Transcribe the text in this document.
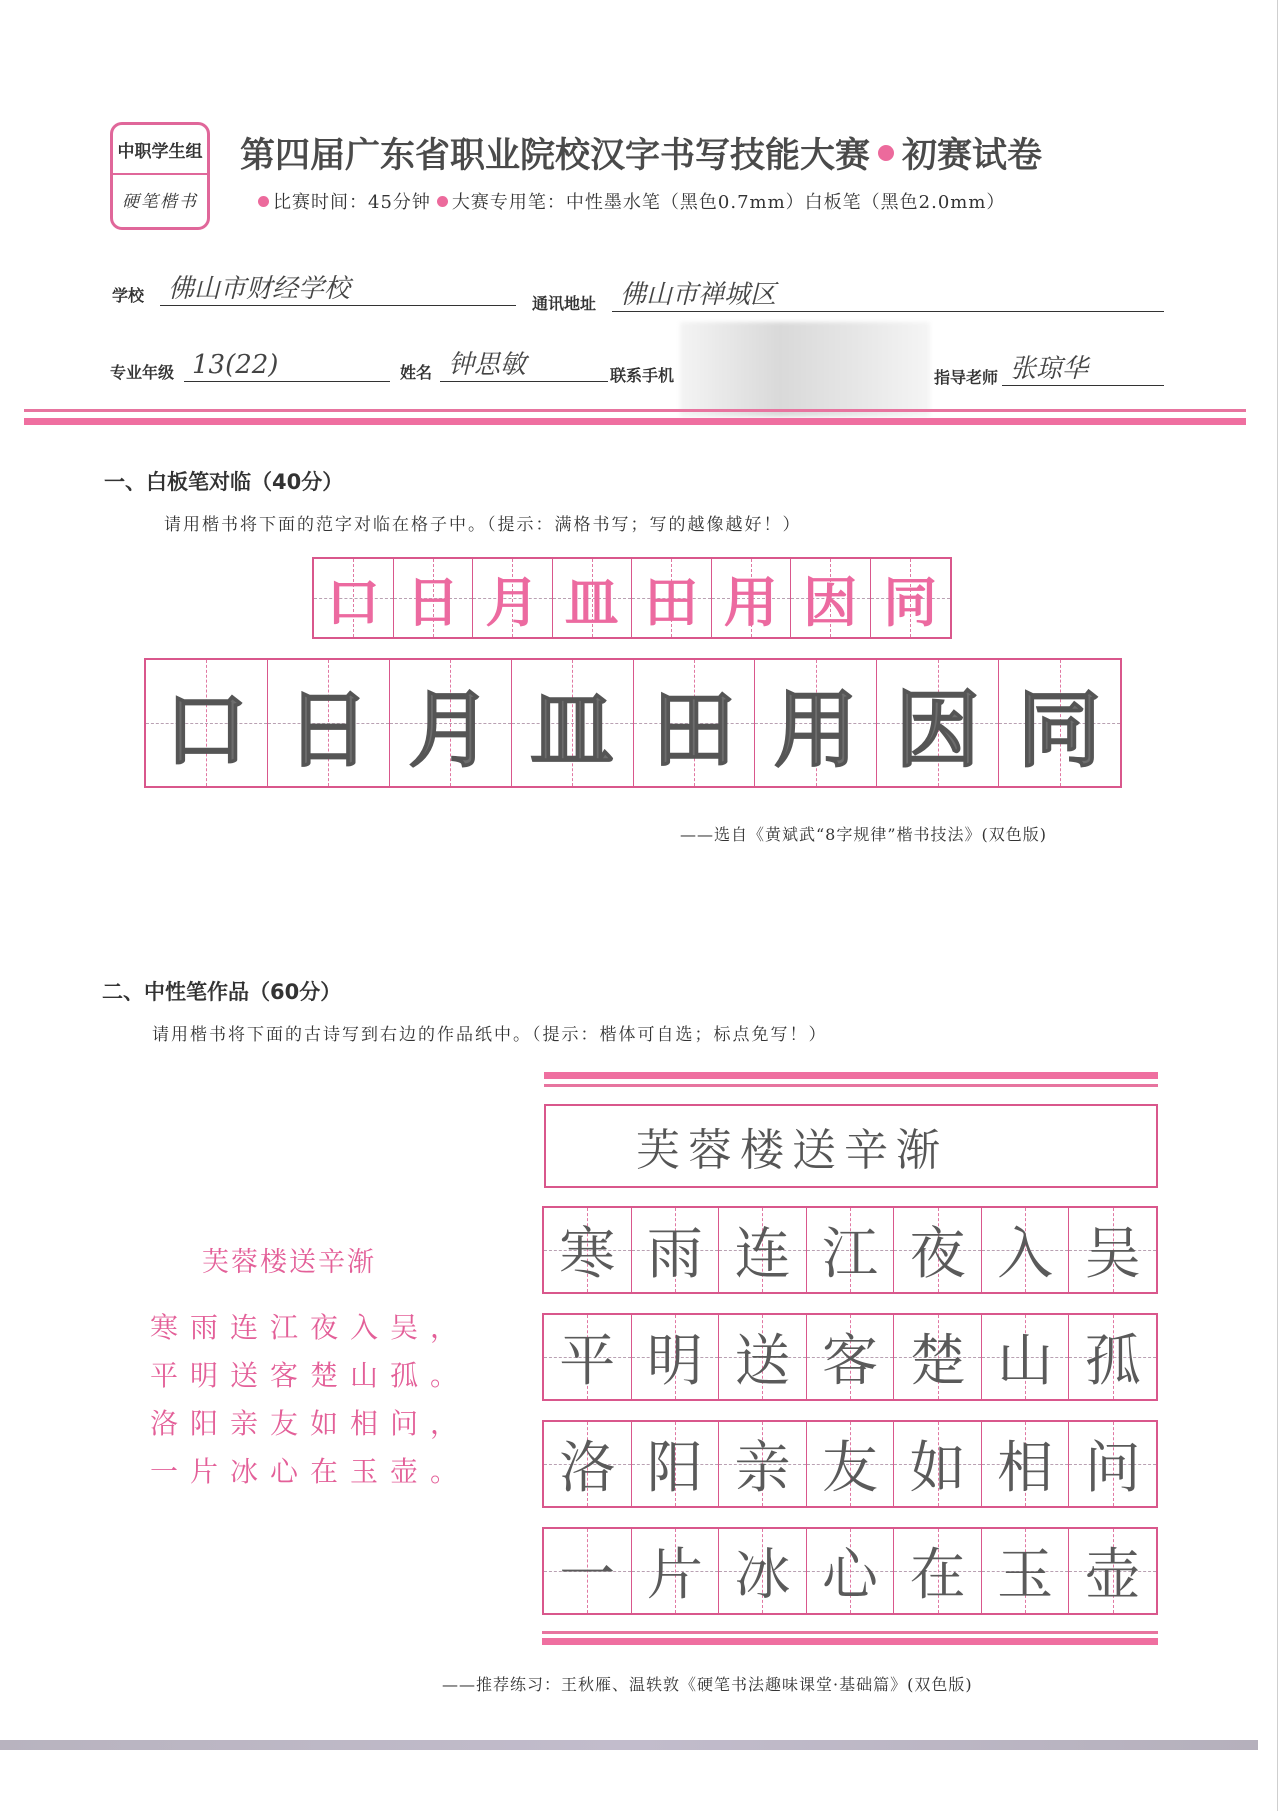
中职学生组
硬笔楷书
第四届广东省职业院校汉字书写技能大赛 初赛试卷
比赛时间：45分钟 大赛专用笔：中性墨水笔（黑色0.7mm）白板笔（黑色2.0mm）
学校 佛山市财经学校	通讯地址 佛山市禅城区
专业年级 13(22)	姓名 钟思敏	联系手机	指导老师 张琼华
一、白板笔对临（40分）
请用楷书将下面的范字对临在格子中。（提示：满格书写；写的越像越好！）
口 日 月 皿 田 用 因 同
口 日 月 皿 田 用 因 同
——选自《黄斌武“8字规律”楷书技法》(双色版)
二、中性笔作品（60分）
请用楷书将下面的古诗写到右边的作品纸中。（提示：楷体可自选；标点免写！）
芙蓉楼送辛渐
寒雨连江夜入吴，
平明送客楚山孤。
洛阳亲友如相问，
一片冰心在玉壶。
芙蓉楼送辛渐
寒 雨 连 江 夜 入 吴
平 明 送 客 楚 山 孤
洛 阳 亲 友 如 相 问
一 片 冰 心 在 玉 壶
——推荐练习：王秋雁、温轶敦《硬笔书法趣味课堂·基础篇》(双色版)
